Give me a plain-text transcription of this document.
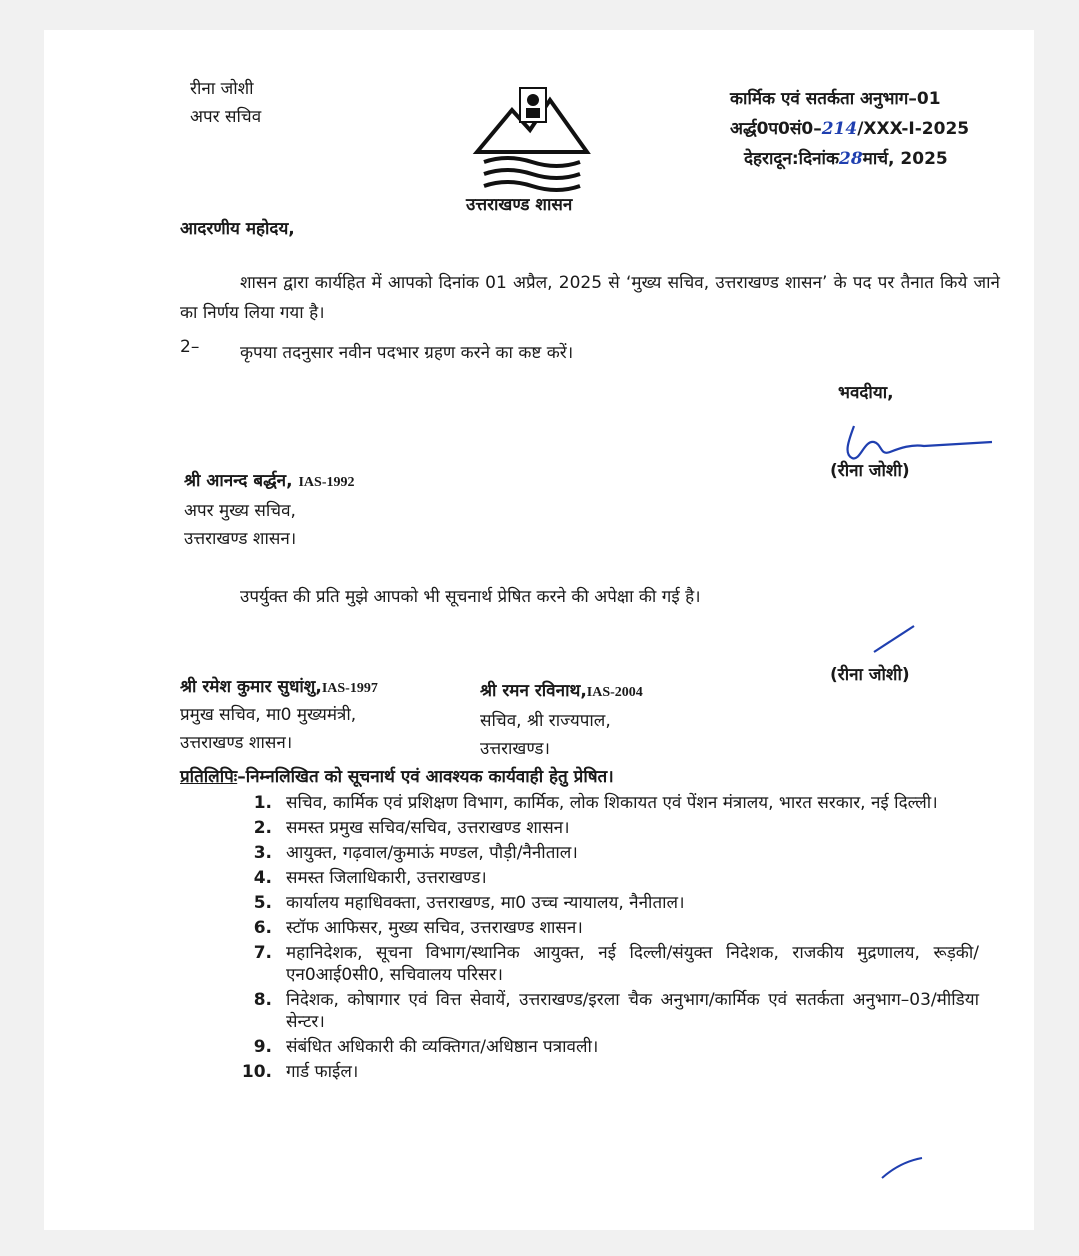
रीना जोशी
अपर सचिव
उत्तराखण्ड शासन
कार्मिक एवं सतर्कता अनुभाग–01
अर्द्ध0प0सं0–214/XXX-I-2025
देहरादून:दिनांक28मार्च, 2025
आदरणीय महोदय,
शासन द्वारा कार्यहित में आपको दिनांक 01 अप्रैल, 2025 से ‘मुख्य सचिव, उत्तराखण्ड शासन’ के पद पर तैनात किये जाने का निर्णय लिया गया है।
2– कृपया तदनुसार नवीन पदभार ग्रहण करने का कष्ट करें।
भवदीया,
(रीना जोशी)
श्री आनन्द बर्द्धन, IAS-1992
अपर मुख्य सचिव,
उत्तराखण्ड शासन।
उपर्युक्त की प्रति मुझे आपको भी सूचनार्थ प्रेषित करने की अपेक्षा की गई है।
(रीना जोशी)
श्री रमेश कुमार सुधांशु,IAS-1997
प्रमुख सचिव, मा0 मुख्यमंत्री,
उत्तराखण्ड शासन।
श्री रमन रविनाथ,IAS-2004
सचिव, श्री राज्यपाल,
उत्तराखण्ड।
प्रतिलिपिः–निम्नलिखित को सूचनार्थ एवं आवश्यक कार्यवाही हेतु प्रेषित।
1. सचिव, कार्मिक एवं प्रशिक्षण विभाग, कार्मिक, लोक शिकायत एवं पेंशन मंत्रालय, भारत सरकार, नई दिल्ली।
2. समस्त प्रमुख सचिव/सचिव, उत्तराखण्ड शासन।
3. आयुक्त, गढ़वाल/कुमाऊं मण्डल, पौड़ी/नैनीताल।
4. समस्त जिलाधिकारी, उत्तराखण्ड।
5. कार्यालय महाधिवक्ता, उत्तराखण्ड, मा0 उच्च न्यायालय, नैनीताल।
6. स्टॉफ आफिसर, मुख्य सचिव, उत्तराखण्ड शासन।
7. महानिदेशक, सूचना विभाग/स्थानिक आयुक्त, नई दिल्ली/संयुक्त निदेशक, राजकीय मुद्रणालय, रूड़की/एन0आई0सी0, सचिवालय परिसर।
8. निदेशक, कोषागार एवं वित्त सेवायें, उत्तराखण्ड/इरला चैक अनुभाग/कार्मिक एवं सतर्कता अनुभाग–03/मीडिया सेन्टर।
9. संबंधित अधिकारी की व्यक्तिगत/अधिष्ठान पत्रावली।
10. गार्ड फाईल।
